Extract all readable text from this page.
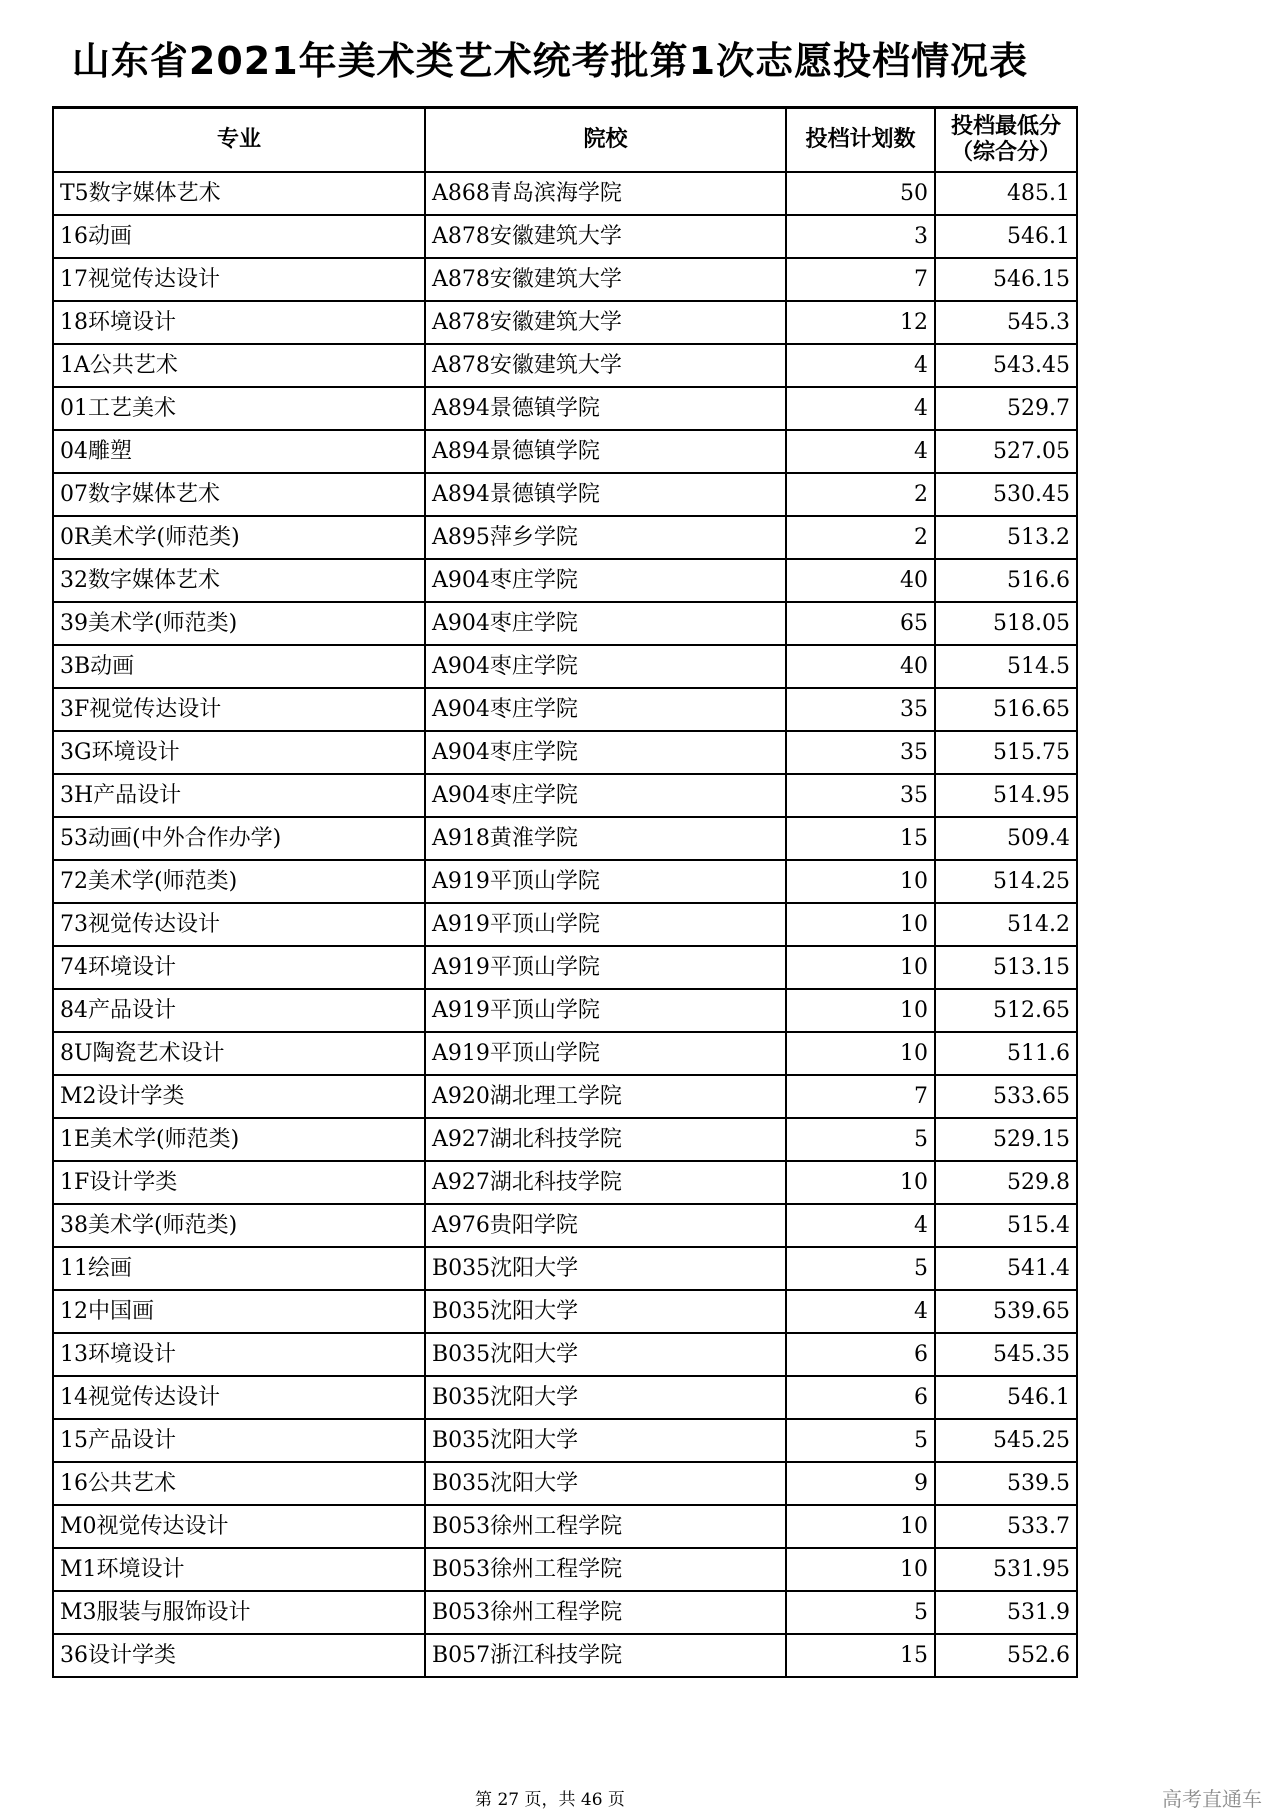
山东省2021年美术类艺术统考批第1次志愿投档情况表
专业	院校	投档计划数	投档最低分
（综合分）

T5数字媒体艺术	A868青岛滨海学院	50	485.1
16动画	A878安徽建筑大学	3	546.1
17视觉传达设计	A878安徽建筑大学	7	546.15
18环境设计	A878安徽建筑大学	12	545.3
1A公共艺术	A878安徽建筑大学	4	543.45
01工艺美术	A894景德镇学院	4	529.7
04雕塑	A894景德镇学院	4	527.05
07数字媒体艺术	A894景德镇学院	2	530.45
0R美术学(师范类)	A895萍乡学院	2	513.2
32数字媒体艺术	A904枣庄学院	40	516.6
39美术学(师范类)	A904枣庄学院	65	518.05
3B动画	A904枣庄学院	40	514.5
3F视觉传达设计	A904枣庄学院	35	516.65
3G环境设计	A904枣庄学院	35	515.75
3H产品设计	A904枣庄学院	35	514.95
53动画(中外合作办学)	A918黄淮学院	15	509.4
72美术学(师范类)	A919平顶山学院	10	514.25
73视觉传达设计	A919平顶山学院	10	514.2
74环境设计	A919平顶山学院	10	513.15
84产品设计	A919平顶山学院	10	512.65
8U陶瓷艺术设计	A919平顶山学院	10	511.6
M2设计学类	A920湖北理工学院	7	533.65
1E美术学(师范类)	A927湖北科技学院	5	529.15
1F设计学类	A927湖北科技学院	10	529.8
38美术学(师范类)	A976贵阳学院	4	515.4
11绘画	B035沈阳大学	5	541.4
12中国画	B035沈阳大学	4	539.65
13环境设计	B035沈阳大学	6	545.35
14视觉传达设计	B035沈阳大学	6	546.1
15产品设计	B035沈阳大学	5	545.25
16公共艺术	B035沈阳大学	9	539.5
M0视觉传达设计	B053徐州工程学院	10	533.7
M1环境设计	B053徐州工程学院	10	531.95
M3服装与服饰设计	B053徐州工程学院	5	531.9
36设计学类	B057浙江科技学院	15	552.6
第 27 页，共 46 页	高考直通车
